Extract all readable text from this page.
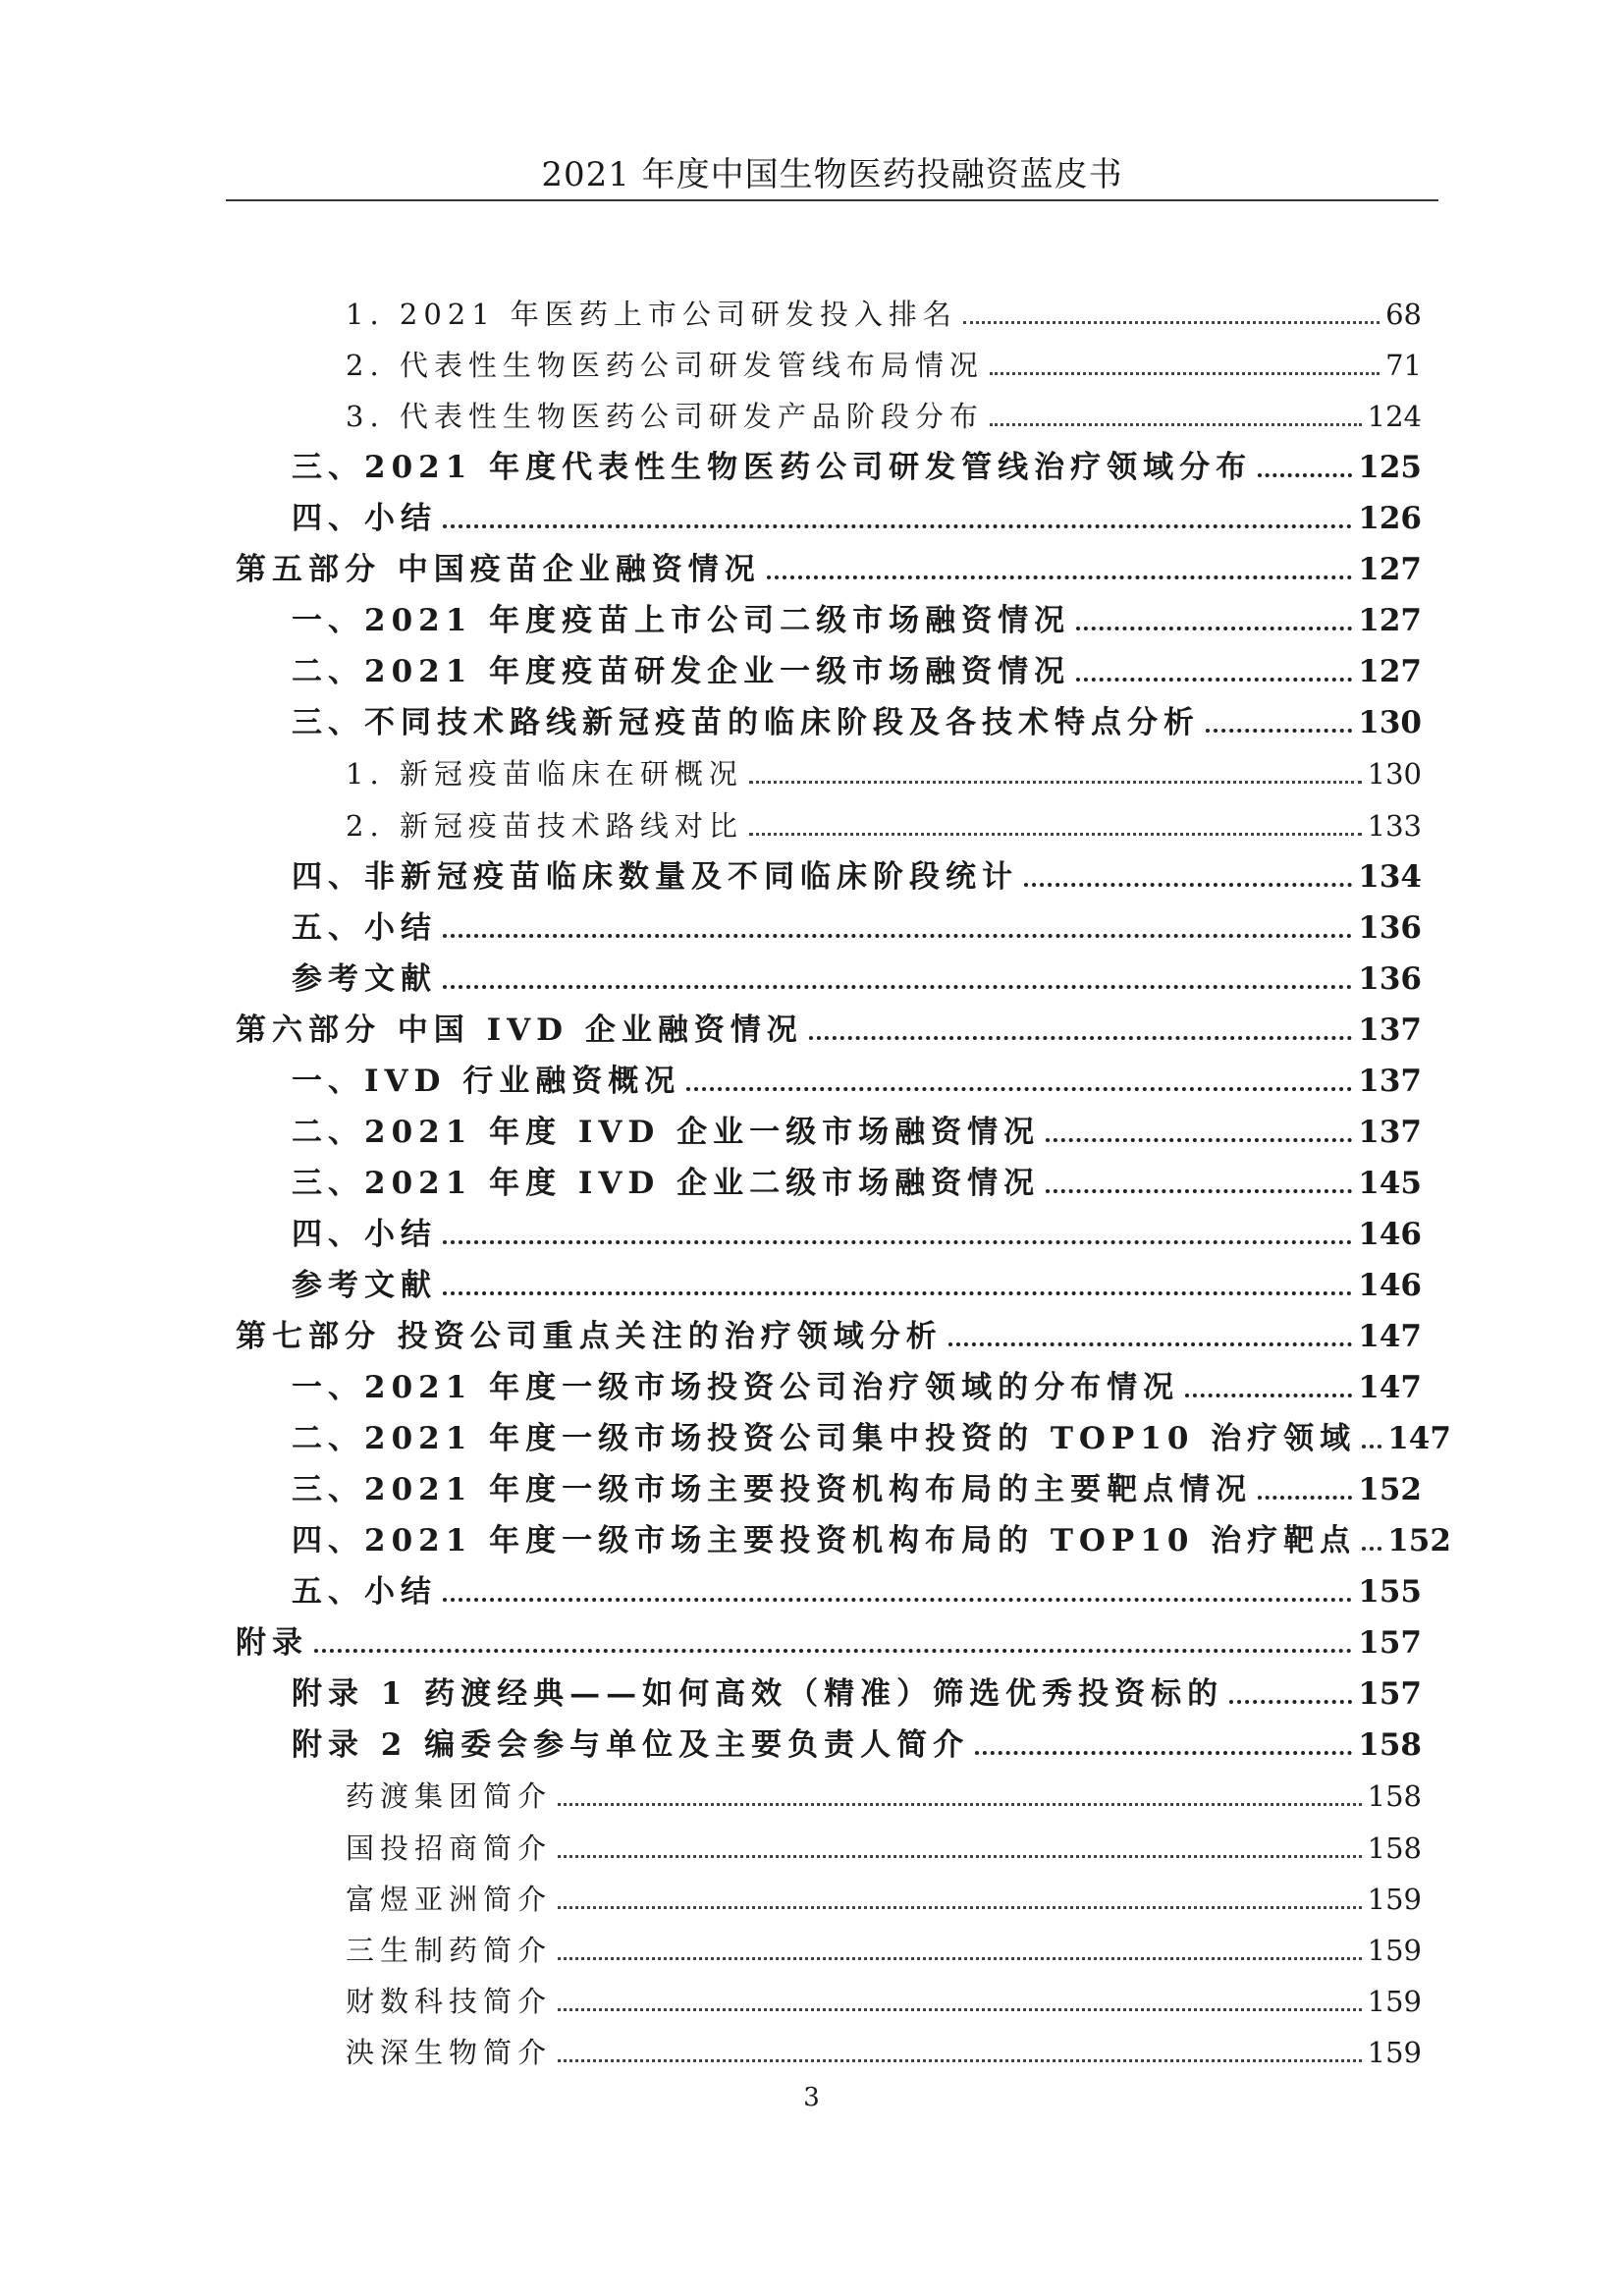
2021 年度中国生物医药投融资蓝皮书
1. 2021 年医药上市公司研发投入排名	68
2. 代表性生物医药公司研发管线布局情况	71
3. 代表性生物医药公司研发产品阶段分布	124
三、2021 年度代表性生物医药公司研发管线治疗领域分布	125
四、小结	126
第五部分 中国疫苗企业融资情况	127
一、2021 年度疫苗上市公司二级市场融资情况	127
二、2021 年度疫苗研发企业一级市场融资情况	127
三、不同技术路线新冠疫苗的临床阶段及各技术特点分析	130
1. 新冠疫苗临床在研概况	130
2. 新冠疫苗技术路线对比	133
四、非新冠疫苗临床数量及不同临床阶段统计	134
五、小结	136
参考文献	136
第六部分 中国 IVD 企业融资情况	137
一、IVD 行业融资概况	137
二、2021 年度 IVD 企业一级市场融资情况	137
三、2021 年度 IVD 企业二级市场融资情况	145
四、小结	146
参考文献	146
第七部分 投资公司重点关注的治疗领域分析	147
一、2021 年度一级市场投资公司治疗领域的分布情况	147
二、2021 年度一级市场投资公司集中投资的 TOP10 治疗领域 147
三、2021 年度一级市场主要投资机构布局的主要靶点情况	152
四、2021 年度一级市场主要投资机构布局的 TOP10 治疗靶点 152
五、小结	155
附录	157
附录 1 药渡经典——如何高效（精准）筛选优秀投资标的	157
附录 2 编委会参与单位及主要负责人简介	158
药渡集团简介	158
国投招商简介	158
富煜亚洲简介	159
三生制药简介	159
财数科技简介	159
泱深生物简介	159
3
